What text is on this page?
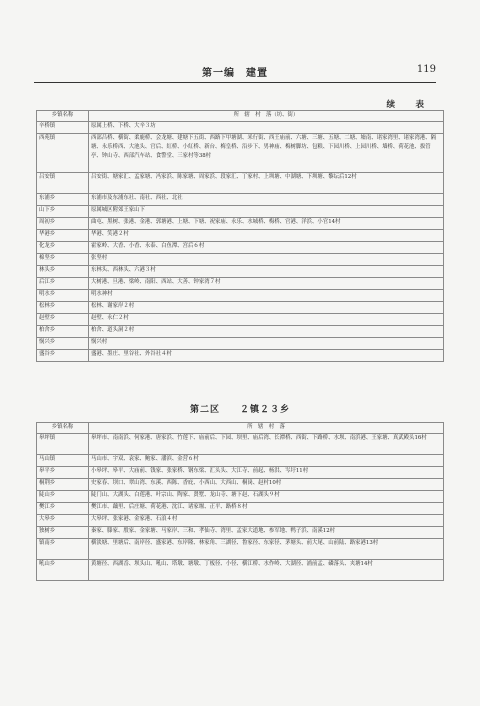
第一编　建置	119
续　表
乡镇名称	所　辖　村　落（坊、街）
辛桥镇	原属上桥、下桥、大辛３坊
西苑镇	西部吕桥、横街、柔鹿桥、会龙塘、建塘下五街、西路下甲塘湖、米行街、西王庙前、六塘、三塘、五塘、二塘、墟南、诸家湾里、诸家湾港、隔塘、永乐桥西、大池头、官后、紅桥、小紅桥、新台、梅皇桥、沿步下、男神庙、梅树脚坊、包粮、下园川桥、上园川桥、墙桥、荷花池、拔管亭、钟山寺、西部汽车站、食警堂、三家村等38村
吕安镇	吕安街、塘家汇、孟家塘、冯家浜、陈家塘、周家浜、段家汇、丁家村、上圳塘、中湖塘、下圳塘、黎坛后12村
东浦乡	东浦市及东浦东社、南社、西社、北社
山下乡	原属城区附郊王家山下
周初乡	曲屯、黑树、张港、金港、郭塘港、上塘、下塘、祝家庙、永乐、水城桥、梅桥、官港、洋浜、小官14村
华港乡	华港、笑港２村
化龙乡	霍家岭、大香、小香、永泰、白鱼潭、宫后６村
棉坚乡	张坚村
林头乡	东林头、西林头、六港３村
后江乡	大树港、旦港、梁岭、南阳、西站、大善、钟家湾７村
明水乡	明水神村
松林乡	松林、谢家岸２村
赵壁乡	赵壁、永仁２村
柏舍乡	柏舍、道头洞２村
悯兴乡	悯兴村
盛谷乡	盛港、墨庄、里谷社、外谷社４村
第二区　　２镇２３乡
乡镇名称	所　辖　村　落
皋坪镇	皋坪市、南南浜、何家港、唐家浜、竹莲下、庙前后、下园、坝里、庙后湾、长潭桥、西街、下路桥、水坝、南浜港、王家塘、真武殿头16村
马山镇	马山市、宇双、袁家、鲍家、潘滨、金营６村
皋平乡	小皋坪、皋平、大庙前、钱家、张家桥、钢东梁、汇头头、大江寺、前起、杨洪、岑圩11村
桐荆乡	史家春、坝口、翠山湾、东溪、西陈、香庇、小西山、大西山、桐岗、赵村10村
陡山乡	陡门山、大湖头、白莲港、叶宗山、陶家、贤墅、龙山寺、塘下赵、石湖头９村
樊江乡	樊江市、藕里、后庄塘、荷花港、沈江、诸家堰、正平、路桥８村
大皋乡	大皋坪、张家港、金家港、石浪４村
独树乡	秦家、滕家、殷家、金家塘、马家岸、三和、孝仙寺、湾里、孟家大道地、参军地、鸭子浜、南溪12村
镇南乡	横淡塘、里塘后、南岸径、盛家港、东岸隆、林家角、三湖径、鲁家径、东家径、茅塘头、前大尾、山前陆、路家港13村
吼山乡	黄塘径、西湖岙、坝头山、吼山、塔墩、塘墩、丁板径、小径、横江桥、水作岭、大湖径、浦前孟、磷落头、夹塘14村
